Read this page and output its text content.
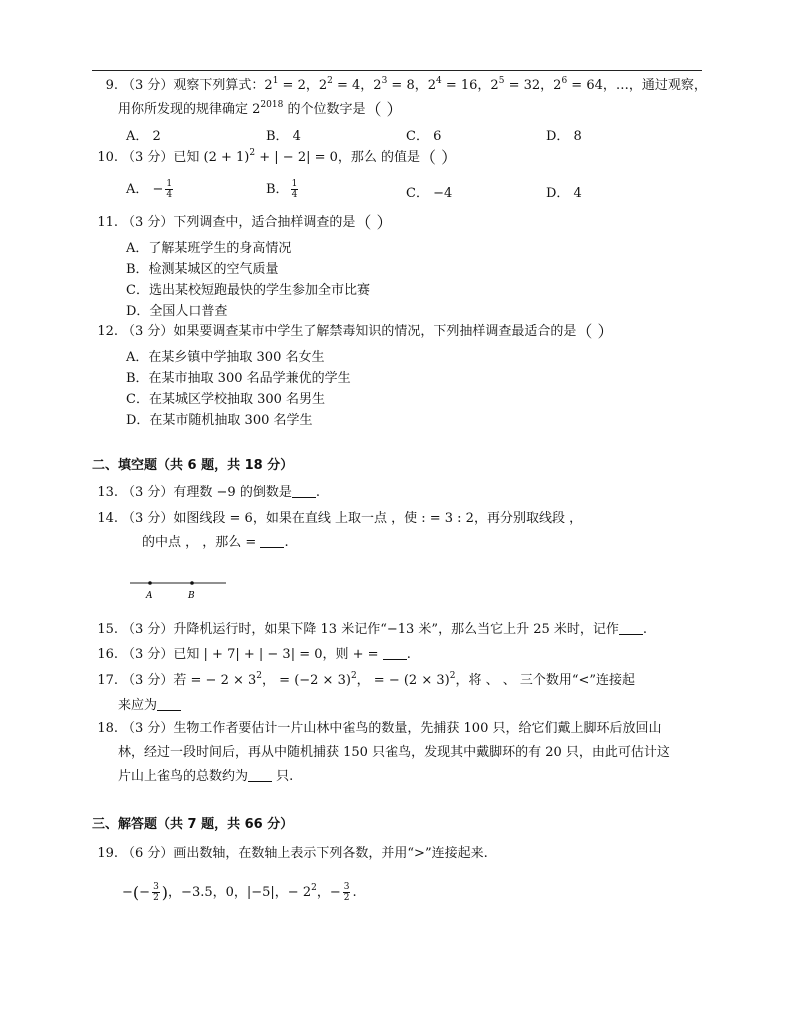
9. （3 分）观察下列算式：$2^1 = 2$，$2^2 = 4$，$2^3 = 8$，$2^4 = 16$，$2^5 = 32$，$2^6 = 64$，…，通过观察，
用你所发现的规律确定 $2^{2018}$ 的个位数字是（ ）
A． 2	B． 4	C． 6	D． 8
10. （3 分）已知 $(2 + 1)^2$ + | − 2| = 0，那么 的值是（ ）
A． − $\frac{1}{4}$	B． $\frac{1}{4}$	C． −4	D． 4
11. （3 分）下列调查中，适合抽样调查的是（ ）
A．了解某班学生的身高情况
B．检测某城区的空气质量
C．选出某校短跑最快的学生参加全市比赛
D．全国人口普查
12. （3 分）如果要调查某市中学生了解禁毒知识的情况，下列抽样调查最适合的是（ ）
A．在某乡镇中学抽取 300 名女生
B．在某市抽取 300 名品学兼优的学生
C．在某城区学校抽取 300 名男生
D．在某市随机抽取 300 名学生
二、填空题（共 6 题，共 18 分）
13. （3 分）有理数 −9 的倒数是 .
14. （3 分）如图线段 = 6，如果在直线 上取一点 ，使 : = 3 : 2，再分别取线段 ，
的中点 ， ，那么 = .
A	B
15. （3 分）升降机运行时，如果下降 13 米记作“−13 米”，那么当它上升 25 米时，记作 .
16. （3 分）已知 | + 7| + | − 3| = 0，则 + = .
17. （3 分）若 = − $2 \times 3^2$， = $(-2 \times 3)^2$， = − $(2 \times 3)^2$，将 、 、 三个数用“<”连接起
来应为
18. （3 分）生物工作者要估计一片山林中雀鸟的数量，先捕获 100 只，给它们戴上脚环后放回山
林，经过一段时间后，再从中随机捕获 150 只雀鸟，发现其中戴脚环的有 20 只，由此可估计这
片山上雀鸟的总数约为 只.
三、解答题（共 7 题，共 66 分）
19. （6 分）画出数轴，在数轴上表示下列各数，并用“>”连接起来.
−(− $\frac{3}{2}$ )，−3.5，0，|−5|，− $2^2$，− $\frac{3}{2}$ .
